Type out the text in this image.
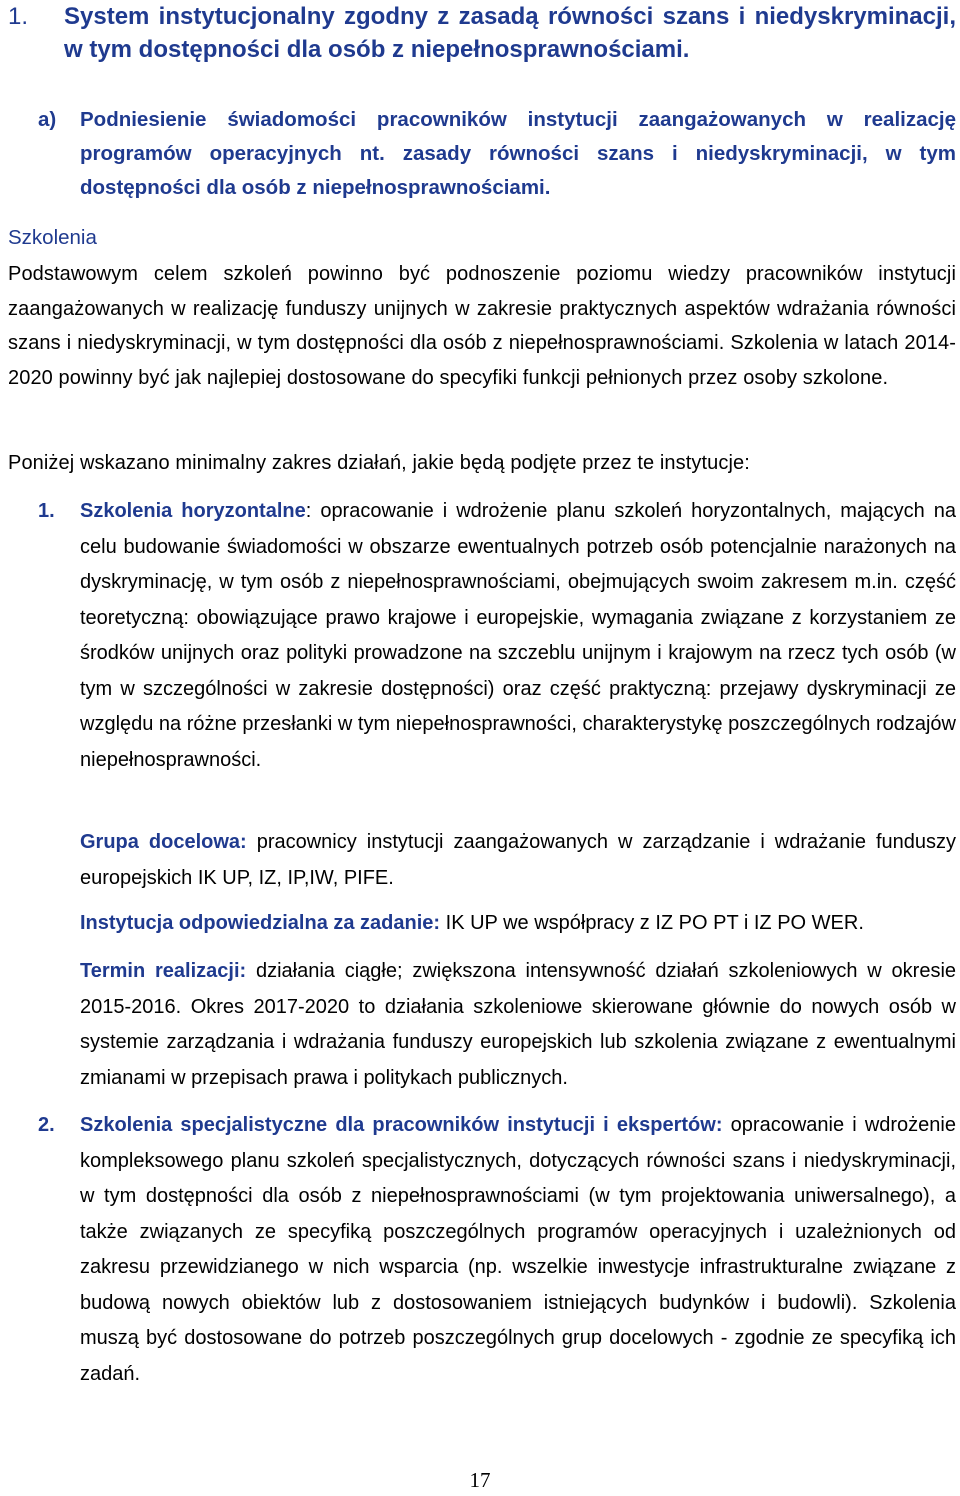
1.	System instytucjonalny zgodny z zasadą równości szans i niedyskryminacji, w tym dostępności dla osób z niepełnosprawnościami.
a)	Podniesienie świadomości pracowników instytucji zaangażowanych w realizację programów operacyjnych nt. zasady równości szans i niedyskryminacji, w tym dostępności dla osób z niepełnosprawnościami.
Szkolenia
Podstawowym celem szkoleń powinno być podnoszenie poziomu wiedzy pracowników instytucji zaangażowanych w realizację funduszy unijnych w zakresie praktycznych aspektów wdrażania równości szans i niedyskryminacji, w tym dostępności dla osób z niepełnosprawnościami. Szkolenia w latach 2014-2020 powinny być jak najlepiej dostosowane do specyfiki funkcji pełnionych przez osoby szkolone.
Poniżej wskazano minimalny zakres działań, jakie będą podjęte przez te instytucje:
1. Szkolenia horyzontalne: opracowanie i wdrożenie planu szkoleń horyzontalnych, mających na celu budowanie świadomości w obszarze ewentualnych potrzeb osób potencjalnie narażonych na dyskryminację, w tym osób z niepełnosprawnościami, obejmujących swoim zakresem m.in. część teoretyczną: obowiązujące prawo krajowe i europejskie, wymagania związane z korzystaniem ze środków unijnych oraz polityki prowadzone na szczeblu unijnym i krajowym na rzecz tych osób (w tym w szczególności w zakresie dostępności) oraz część praktyczną: przejawy dyskryminacji ze względu na różne przesłanki w tym niepełnosprawności, charakterystykę poszczególnych rodzajów niepełnosprawności.
Grupa docelowa: pracownicy instytucji zaangażowanych w zarządzanie i wdrażanie funduszy europejskich IK UP, IZ, IP,IW, PIFE.
Instytucja odpowiedzialna za zadanie: IK UP we współpracy z IZ PO PT i IZ PO WER.
Termin realizacji: działania ciągłe; zwiększona intensywność działań szkoleniowych w okresie 2015-2016. Okres 2017-2020 to działania szkoleniowe skierowane głównie do nowych osób w systemie zarządzania i wdrażania funduszy europejskich lub szkolenia związane z ewentualnymi zmianami w przepisach prawa i politykach publicznych.
2. Szkolenia specjalistyczne dla pracowników instytucji i ekspertów: opracowanie i wdrożenie kompleksowego planu szkoleń specjalistycznych, dotyczących równości szans i niedyskryminacji, w tym dostępności dla osób z niepełnosprawnościami (w tym projektowania uniwersalnego), a także związanych ze specyfiką poszczególnych programów operacyjnych i uzależnionych od zakresu przewidzianego w nich wsparcia (np. wszelkie inwestycje infrastrukturalne związane z budową nowych obiektów lub z dostosowaniem istniejących budynków i budowli). Szkolenia muszą być dostosowane do potrzeb poszczególnych grup docelowych - zgodnie ze specyfiką ich zadań.
17
